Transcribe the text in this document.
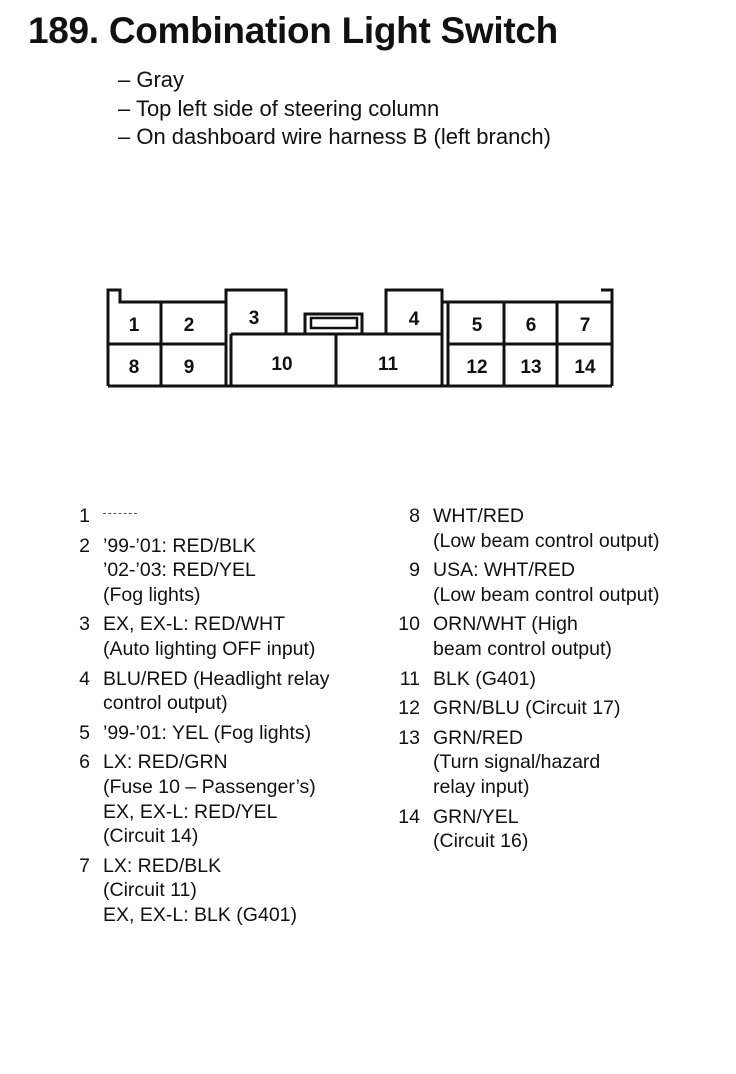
189. Combination Light Switch
– Gray
– Top left side of steering column
– On dashboard wire harness B (left branch)
1 2	3	4	5 6 7
8 9	10	11	12 13 14
1
2 ’99-’01: RED/BLK
’02-’03: RED/YEL
(Fog lights)
3 EX, EX-L: RED/WHT
(Auto lighting OFF input)
4 BLU/RED (Headlight relay
control output)
5 ’99-’01: YEL (Fog lights)
6 LX: RED/GRN
(Fuse 10 – Passenger’s)
EX, EX-L: RED/YEL
(Circuit 14)
7 LX: RED/BLK
(Circuit 11)
EX, EX-L: BLK (G401)
8 WHT/RED
(Low beam control output)
9 USA: WHT/RED
(Low beam control output)
10 ORN/WHT (High
beam control output)
11 BLK (G401)
12 GRN/BLU (Circuit 17)
13 GRN/RED
(Turn signal/hazard
relay input)
14 GRN/YEL
(Circuit 16)
